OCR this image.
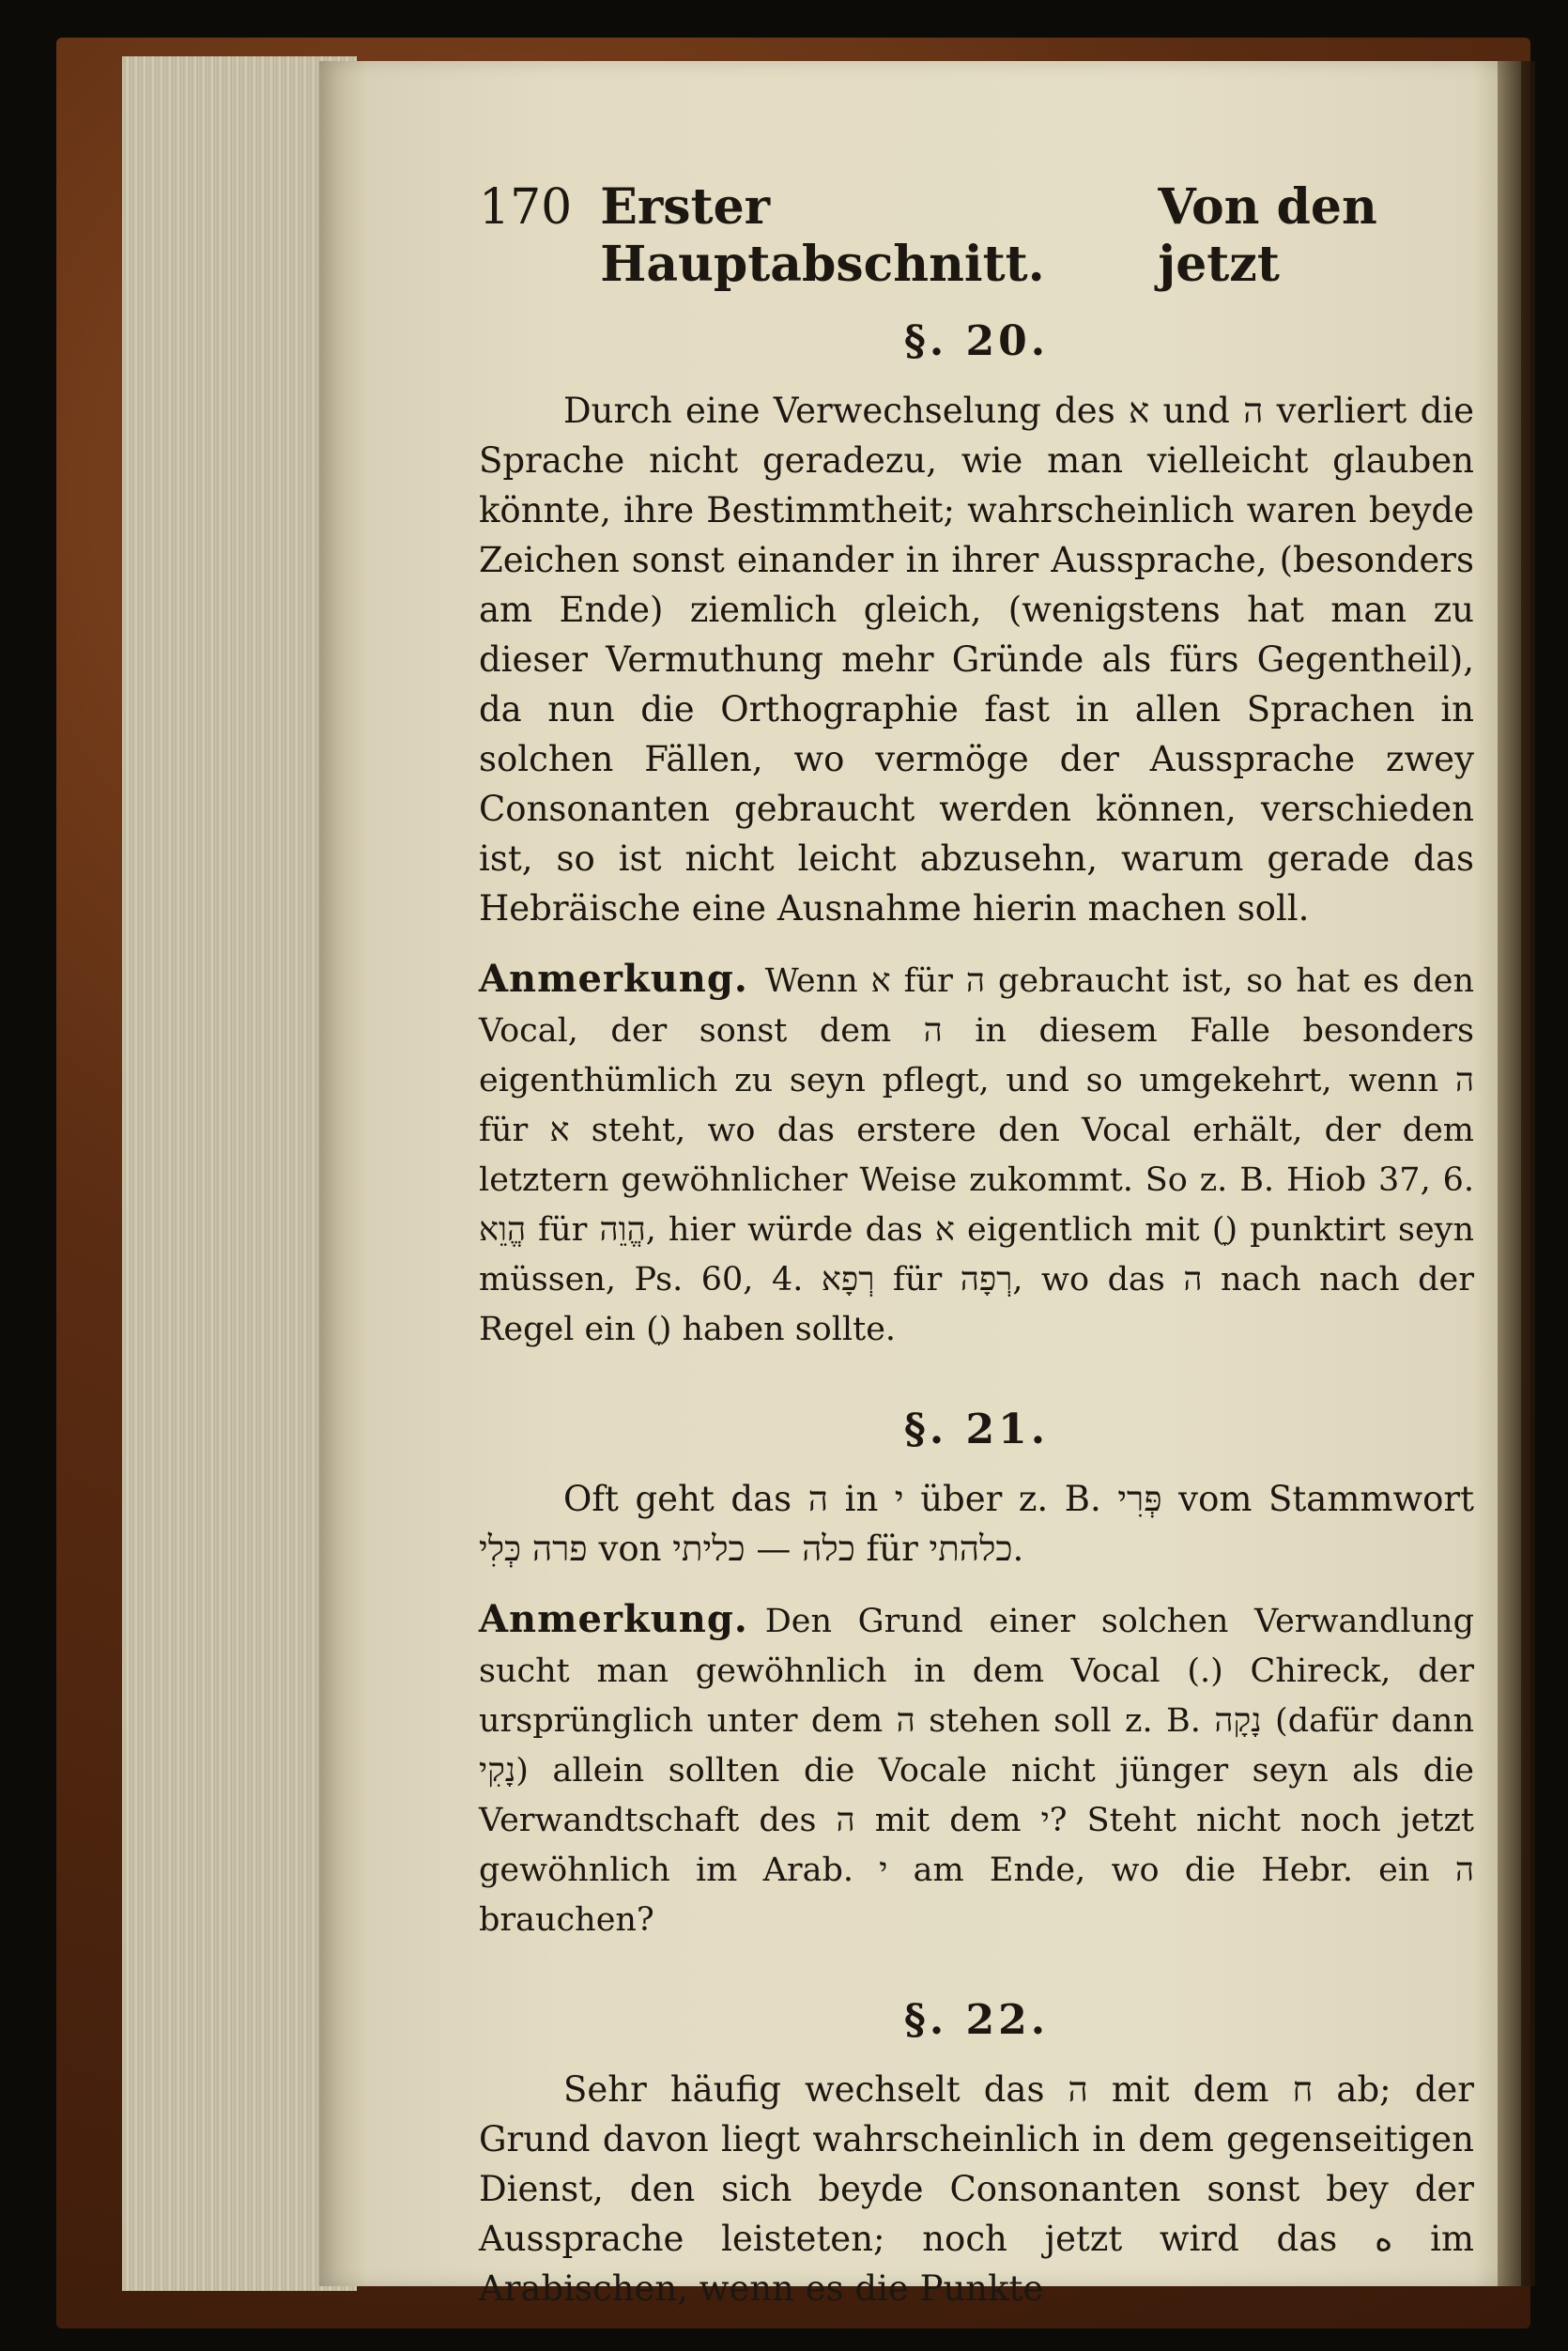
170 Erster Hauptabschnitt.
Von den jetzt
§. 20.

Durch eine Verwechselung des א und ה verliert die Sprache nicht geradezu, wie man vielleicht glauben könnte, ihre Bestimmtheit; wahrscheinlich waren beyde Zeichen sonst einander in ihrer Aussprache, (besonders am Ende) ziemlich gleich, (wenigstens hat man zu dieser Vermuthung mehr Gründe als fürs Gegentheil), da nun die Orthographie fast in allen Sprachen in solchen Fällen, wo vermöge der Aussprache zwey Consonanten gebraucht werden können, verschieden ist, so ist nicht leicht abzusehn, warum gerade das Hebräische eine Ausnahme hierin machen soll.

Anmerkung. Wenn א für ה gebraucht ist, so hat es den Vocal, der sonst dem ה in diesem Falle besonders eigenthümlich zu seyn pflegt, und so umgekehrt, wenn ה für א steht, wo das erstere den Vocal erhält, der dem letztern gewöhnlicher Weise zukommt. So z. B. Hiob 37, 6. הֱוֵא für הֱוֵה, hier würde das א eigentlich mit (ָ) punktirt seyn müssen, Ps. 60, 4. רְפָא für רְפָה, wo das ה nach nach der Regel ein (ָ) haben sollte.
§. 21.

Oft geht das ה in י über z. B. פְּרִי vom Stammwort פרה כְּלִי von כלה — כליתי für כלהתי.

Anmerkung. Den Grund einer solchen Verwandlung sucht man gewöhnlich in dem Vocal (.) Chireck, der ursprünglich unter dem ה stehen soll z. B. נָקָה (dafür dann נָקִי) allein sollten die Vocale nicht jünger seyn als die Verwandtschaft des ה mit dem י? Steht nicht noch jetzt gewöhnlich im Arab. י am Ende, wo die Hebr. ein ה brauchen?
§. 22.

Sehr häufig wechselt das ה mit dem ח ab; der Grund davon liegt wahrscheinlich in dem gegenseitigen Dienst, den sich beyde Consonanten sonst bey der Aussprache leisteten; noch jetzt wird das ه im Arabischen, wenn es die Punkte
